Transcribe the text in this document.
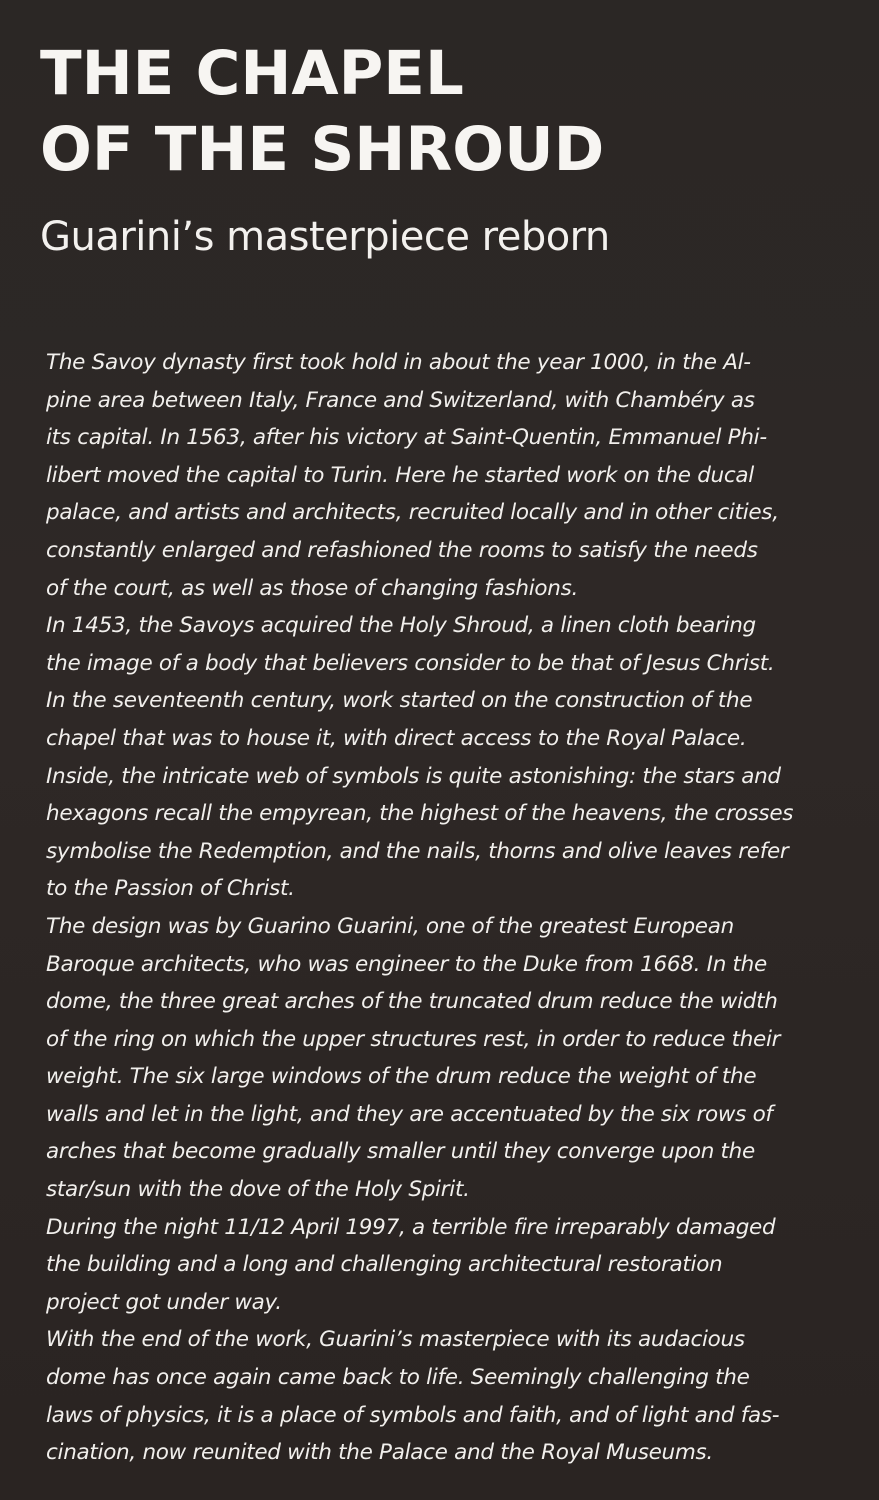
THE CHAPEL
OF THE SHROUD
Guarini’s masterpiece reborn
The Savoy dynasty first took hold in about the year 1000, in the Al-
pine area between Italy, France and Switzerland, with Chambéry as
its capital. In 1563, after his victory at Saint-Quentin, Emmanuel Phi-
libert moved the capital to Turin. Here he started work on the ducal
palace, and artists and architects, recruited locally and in other cities,
constantly enlarged and refashioned the rooms to satisfy the needs
of the court, as well as those of changing fashions.
In 1453, the Savoys acquired the Holy Shroud, a linen cloth bearing
the image of a body that believers consider to be that of Jesus Christ.
In the seventeenth century, work started on the construction of the
chapel that was to house it, with direct access to the Royal Palace.
Inside, the intricate web of symbols is quite astonishing: the stars and
hexagons recall the empyrean, the highest of the heavens, the crosses
symbolise the Redemption, and the nails, thorns and olive leaves refer
to the Passion of Christ.
The design was by Guarino Guarini, one of the greatest European
Baroque architects, who was engineer to the Duke from 1668. In the
dome, the three great arches of the truncated drum reduce the width
of the ring on which the upper structures rest, in order to reduce their
weight. The six large windows of the drum reduce the weight of the
walls and let in the light, and they are accentuated by the six rows of
arches that become gradually smaller until they converge upon the
star/sun with the dove of the Holy Spirit.
During the night 11/12 April 1997, a terrible fire irreparably damaged
the building and a long and challenging architectural restoration
project got under way.
With the end of the work, Guarini’s masterpiece with its audacious
dome has once again came back to life. Seemingly challenging the
laws of physics, it is a place of symbols and faith, and of light and fas-
cination, now reunited with the Palace and the Royal Museums.
